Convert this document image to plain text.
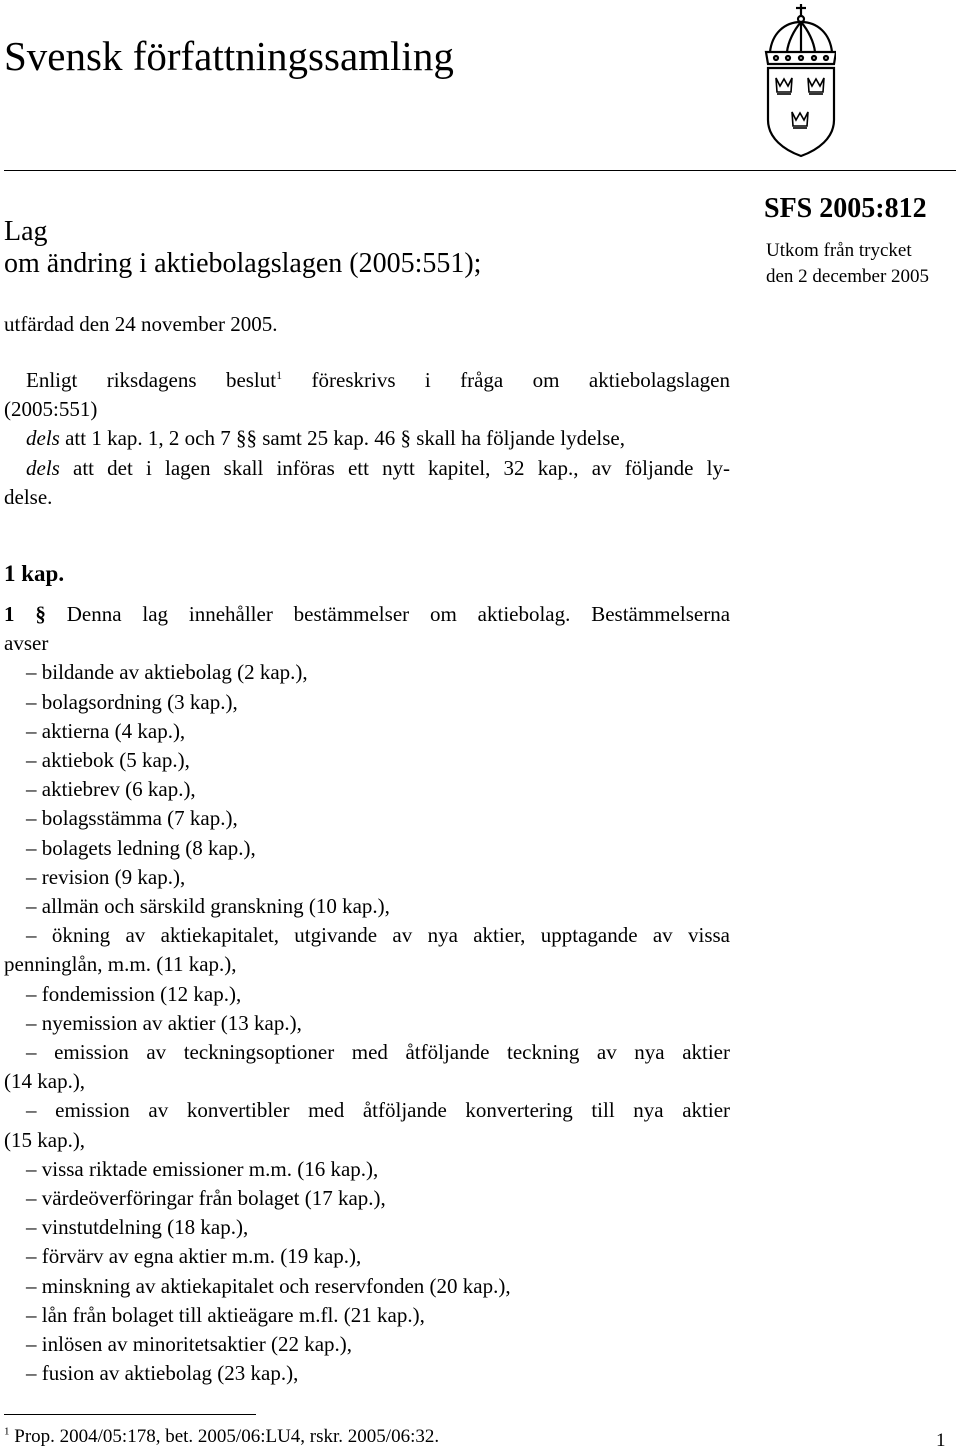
Svensk författningssamling
Lag
om ändring i aktiebolagslagen (2005:551);
SFS 2005:812
Utkom från trycket
den 2 december 2005
utfärdad den 24 november 2005.
Enligt riksdagens beslut$^1$ föreskrivs i fråga om aktiebolagslagen
(2005:551)
dels att 1 kap. 1, 2 och 7 §§ samt 25 kap. 46 § skall ha följande lydelse,
dels att det i lagen skall införas ett nytt kapitel, 32 kap., av följande ly-
delse.
1 kap.
1 § Denna lag innehåller bestämmelser om aktiebolag. Bestämmelserna
avser
– bildande av aktiebolag (2 kap.),
– bolagsordning (3 kap.),
– aktierna (4 kap.),
– aktiebok (5 kap.),
– aktiebrev (6 kap.),
– bolagsstämma (7 kap.),
– bolagets ledning (8 kap.),
– revision (9 kap.),
– allmän och särskild granskning (10 kap.),
– ökning av aktiekapitalet, utgivande av nya aktier, upptagande av vissa
penninglån, m.m. (11 kap.),
– fondemission (12 kap.),
– nyemission av aktier (13 kap.),
– emission av teckningsoptioner med åtföljande teckning av nya aktier
(14 kap.),
– emission av konvertibler med åtföljande konvertering till nya aktier
(15 kap.),
– vissa riktade emissioner m.m. (16 kap.),
– värdeöverföringar från bolaget (17 kap.),
– vinstutdelning (18 kap.),
– förvärv av egna aktier m.m. (19 kap.),
– minskning av aktiekapitalet och reservfonden (20 kap.),
– lån från bolaget till aktieägare m.fl. (21 kap.),
– inlösen av minoritetsaktier (22 kap.),
– fusion av aktiebolag (23 kap.),
$^1$ Prop. 2004/05:178, bet. 2005/06:LU4, rskr. 2005/06:32.	1
